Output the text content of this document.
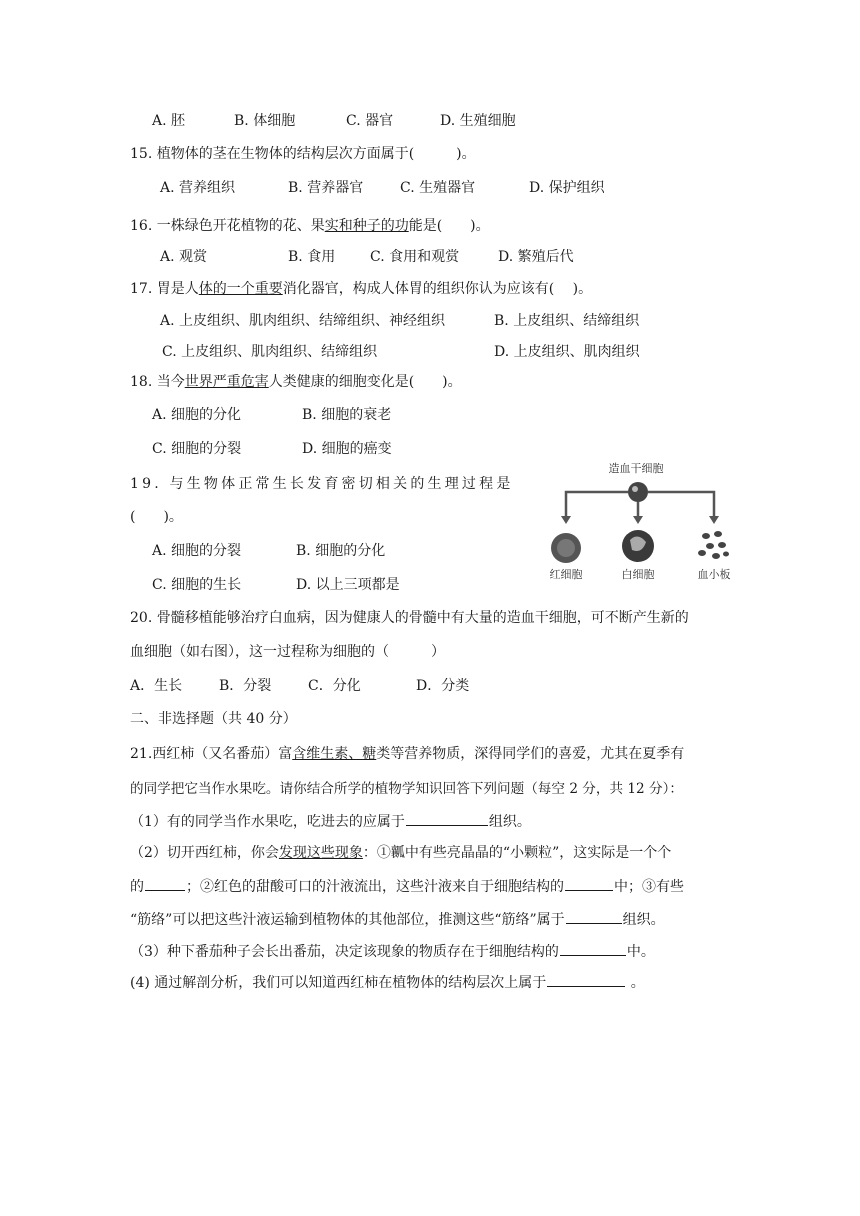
A. 胚	B. 体细胞	C. 器官	D. 生殖细胞
15. 植物体的茎在生物体的结构层次方面属于(　　　)。
A. 营养组织	B. 营养器官	C. 生殖器官	D. 保护组织
16. 一株绿色开花植物的花、果实和种子的功能是(　　)。
A. 观赏	B. 食用 C. 食用和观赏	D. 繁殖后代
17. 胃是人体的一个重要消化器官，构成人体胃的组织你认为应该有(　 )。
A. 上皮组织、肌肉组织、结缔组织、神经组织	B. 上皮组织、结缔组织
C. 上皮组织、肌肉组织、结缔组织	D. 上皮组织、肌肉组织
18. 当今世界严重危害人类健康的细胞变化是(　　)。
A. 细胞的分化	B. 细胞的衰老
C. 细胞的分裂	D. 细胞的癌变
19. 与生物体正常生长发育密切相关的生理过程是
(　　)。
A. 细胞的分裂	B. 细胞的分化
C. 细胞的生长	D. 以上三项都是
造血干细胞
红细胞	白细胞	血小板
20. 骨髓移植能够治疗白血病，因为健康人的骨髓中有大量的造血干细胞，可不断产生新的
血细胞（如右图），这一过程称为细胞的（　　　）
A．生长	B．分裂	C．分化	D．分类
二、非选择题（共 40 分）
21.西红柿（又名番茄）富含维生素、糖类等营养物质，深得同学们的喜爱，尤其在夏季有
的同学把它当作水果吃。请你结合所学的植物学知识回答下列问题（每空 2 分，共 12 分）：
（1）有的同学当作水果吃，吃进去的应属于	组织。
（2）切开西红柿，你会发现这些现象：①瓤中有些亮晶晶的“小颗粒”，这实际是一个个
的	；②红色的甜酸可口的汁液流出，这些汁液来自于细胞结构的	中；③有些
“筋络”可以把这些汁液运输到植物体的其他部位，推测这些“筋络”属于	组织。
（3）种下番茄种子会长出番茄，决定该现象的物质存在于细胞结构的	中。
(4) 通过解剖分析，我们可以知道西红柿在植物体的结构层次上属于	。
